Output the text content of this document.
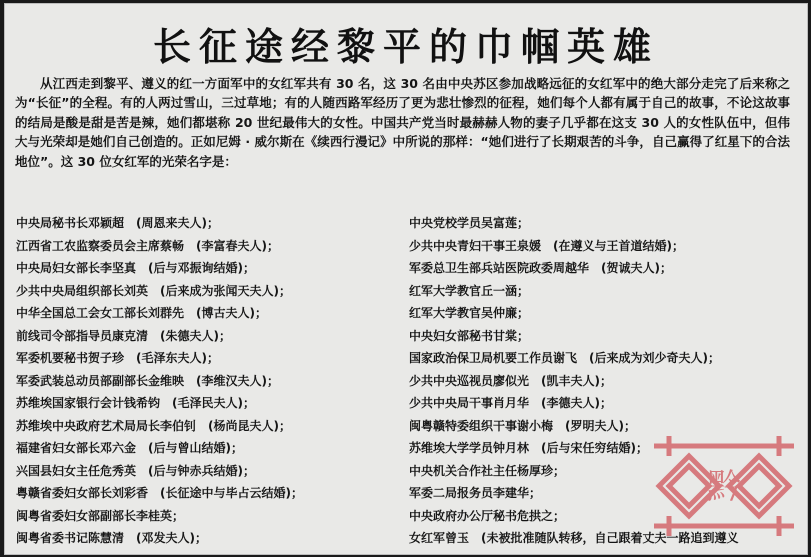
长征途经黎平的巾帼英雄

从江西走到黎平、遵义的红一方面军中的女红军共有 30 名，这 30 名由中央苏区参加战略远征的女红军中的绝大部分走完了后来称之为“长征”的全程。有的人两过雪山，三过草地；有的人随西路军经历了更为悲壮惨烈的征程，她们每个人都有属于自己的故事，不论这故事的结局是酸是甜是苦是辣，她们都堪称 20 世纪最伟大的女性。中国共产党当时最赫赫人物的妻子几乎都在这支 30 人的女性队伍中，但伟大与光荣却是她们自己创造的。正如尼姆 · 威尔斯在《续西行漫记》中所说的那样：“她们进行了长期艰苦的斗争，自己赢得了红星下的合法地位”。这 30 位女红军的光荣名字是：

中央局秘书长邓颖超　(周恩来夫人)；
江西省工农监察委员会主席蔡畅　(李富春夫人)；
中央局妇女部长李坚真　(后与邓振询结婚)；
少共中央局组织部长刘英　(后来成为张闻天夫人)；
中华全国总工会女工部长刘群先　(博古夫人)；
前线司令部指导员康克清　(朱德夫人)；
军委机要秘书贺子珍　(毛泽东夫人)；
军委武装总动员部副部长金维映　(李维汉夫人)；
苏维埃国家银行会计钱希钧　(毛泽民夫人)；
苏维埃中央政府艺术局局长李伯钊　(杨尚昆夫人)；
福建省妇女部长邓六金　(后与曾山结婚)；
兴国县妇女主任危秀英　(后与钟赤兵结婚)；
粤赣省委妇女部长刘彩香　(长征途中与毕占云结婚)；
闽粤省委妇女部副部长李桂英；
闽粤省委书记陈慧清　(邓发夫人)；
中央党校学员吴富莲；
少共中央青妇干事王泉媛　(在遵义与王首道结婚)；
军委总卫生部兵站医院政委周越华　(贺诚夫人)；
红军大学教官丘一涵；
红军大学教官吴仲廉；
中央妇女部秘书甘棠；
国家政治保卫局机要工作员谢飞　(后来成为刘少奇夫人)；
少共中央巡视员廖似光　(凯丰夫人)；
少共中央局干事肖月华　(李德夫人)；
闽粤赣特委组织干事谢小梅　(罗明夫人)；
苏维埃大学学员钟月林　(后与宋任穷结婚)；
中央机关合作社主任杨厚珍；
军委二局报务员李建华；
中央政府办公厅秘书危拱之；
女红军曾玉　(未被批准随队转移，自己跟着丈夫一路追到遵义
黔
